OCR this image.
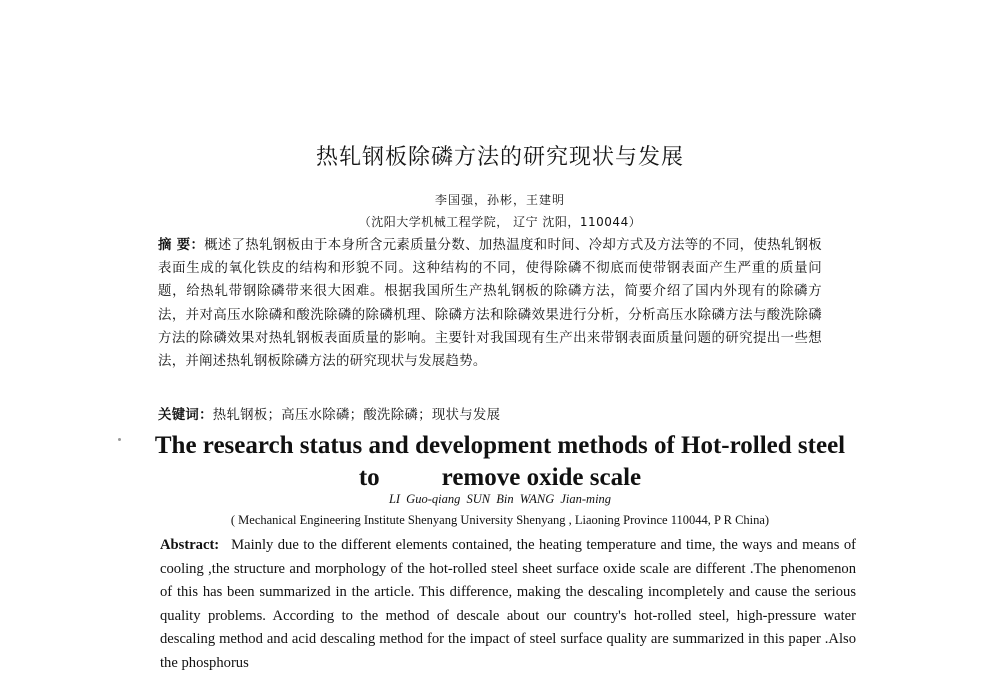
热轧钢板除磷方法的研究现状与发展
李国强，孙彬，王建明
（沈阳大学机械工程学院， 辽宁 沈阳，110044）
摘 要：概述了热轧钢板由于本身所含元素质量分数、加热温度和时间、冷却方式及方法等的不同，使热轧钢板表面生成的氧化铁皮的结构和形貌不同。这种结构的不同，使得除磷不彻底而使带钢表面产生严重的质量问题，给热轧带钢除磷带来很大困难。根据我国所生产热轧钢板的除磷方法，简要介绍了国内外现有的除磷方法，并对高压水除磷和酸洗除磷的除磷机理、除磷方法和除磷效果进行分析，分析高压水除磷方法与酸洗除磷方法的除磷效果对热轧钢板表面质量的影响。主要针对我国现有生产出来带钢表面质量问题的研究提出一些想法，并阐述热轧钢板除磷方法的研究现状与发展趋势。
关键词：热轧钢板；高压水除磷；酸洗除磷；现状与发展
The research status and development methods of Hot-rolled steel
to remove oxide scale
LI Guo-qiang SUN Bin WANG Jian-ming
( Mechanical Engineering Institute Shenyang University Shenyang , Liaoning Province 110044, P R China)
Abstract: Mainly due to the different elements contained, the heating temperature and time, the ways and means of cooling ,the structure and morphology of the hot-rolled steel sheet surface oxide scale are different .The phenomenon of this has been summarized in the article. This difference, making the descaling incompletely and cause the serious quality problems. According to the method of descale about our country's hot-rolled steel, high-pressure water descaling method and acid descaling method for the impact of steel surface quality are summarized in this paper .Also the phosphorus
